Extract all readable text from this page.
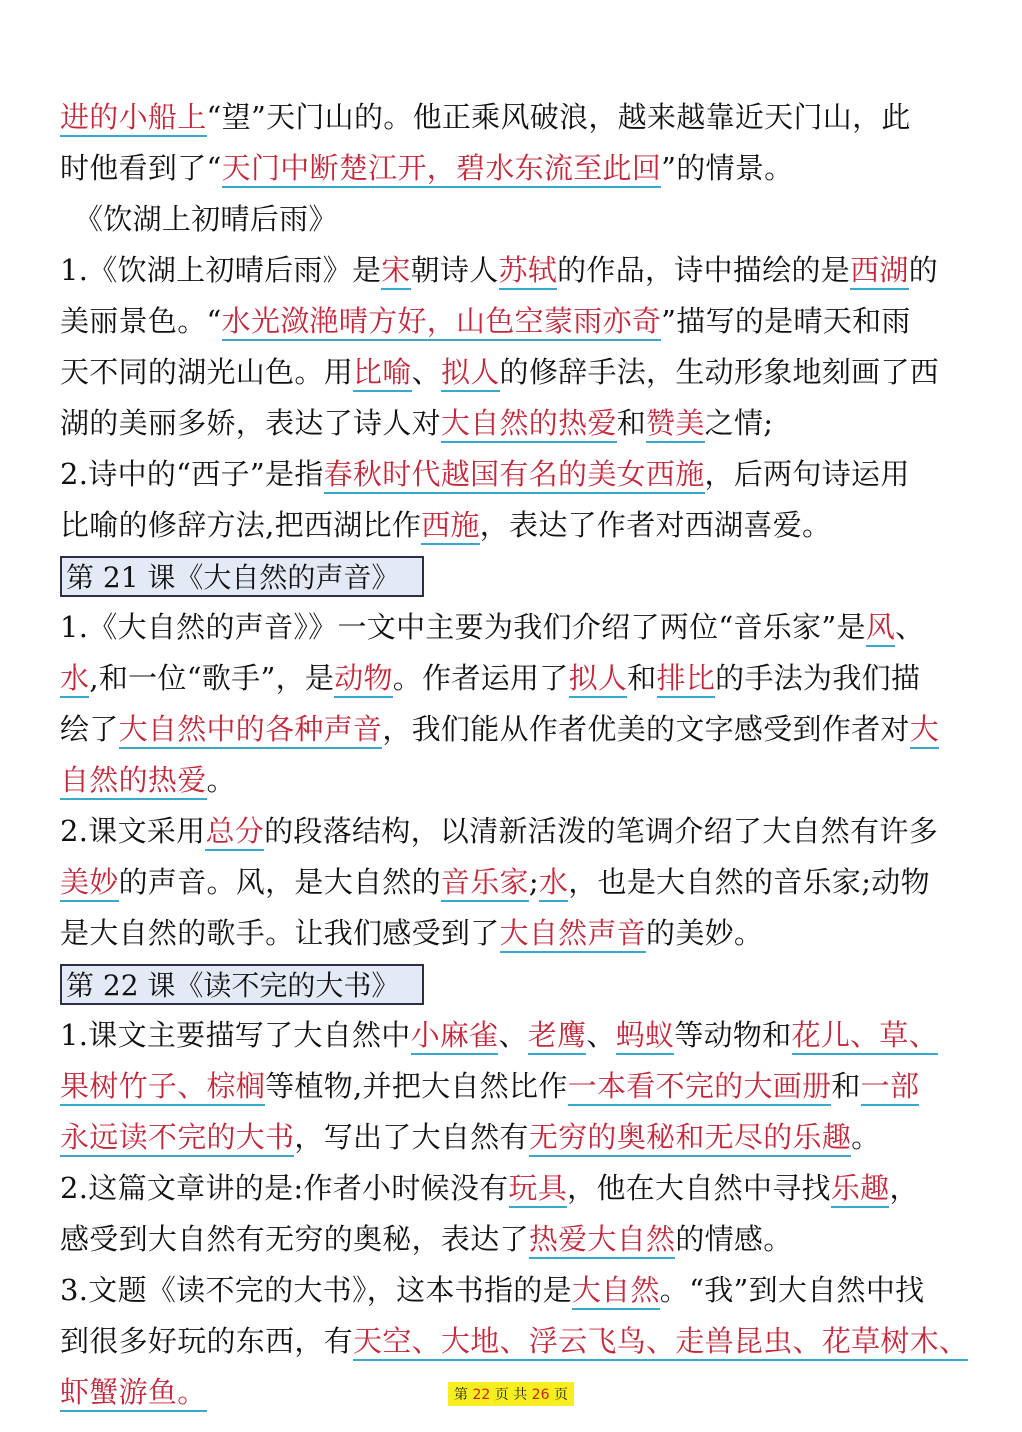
进的小船上“望”天门山的。他正乘风破浪，越来越靠近天门山，此
时他看到了“天门中断楚江开，碧水东流至此回”的情景。
《饮湖上初晴后雨》
1.《饮湖上初晴后雨》是宋朝诗人苏轼的作品，诗中描绘的是西湖的
美丽景色。“水光潋滟晴方好，山色空蒙雨亦奇”描写的是晴天和雨
天不同的湖光山色。用比喻、拟人的修辞手法，生动形象地刻画了西
湖的美丽多娇，表达了诗人对大自然的热爱和赞美之情;
2.诗中的“西子”是指春秋时代越国有名的美女西施，后两句诗运用
比喻的修辞方法,把西湖比作西施，表达了作者对西湖喜爱。
第 21 课《大自然的声音》
1.《大自然的声音》》一文中主要为我们介绍了两位“音乐家”是风、
水,和一位“歌手”，是动物。作者运用了拟人和排比的手法为我们描
绘了大自然中的各种声音，我们能从作者优美的文字感受到作者对大
自然的热爱。
2.课文采用总分的段落结构，以清新活泼的笔调介绍了大自然有许多
美妙的声音。风，是大自然的音乐家;水，也是大自然的音乐家;动物
是大自然的歌手。让我们感受到了大自然声音的美妙。
第 22 课《读不完的大书》
1.课文主要描写了大自然中小麻雀、老鹰、蚂蚁等动物和花儿、草、
果树竹子、棕榈等植物,并把大自然比作一本看不完的大画册和一部
永远读不完的大书，写出了大自然有无穷的奥秘和无尽的乐趣。
2.这篇文章讲的是:作者小时候没有玩具，他在大自然中寻找乐趣，
感受到大自然有无穷的奥秘，表达了热爱大自然的情感。
3.文题《读不完的大书》，这本书指的是大自然。“我”到大自然中找
到很多好玩的东西，有天空、大地、浮云飞鸟、走兽昆虫、花草树木、
虾蟹游鱼。	第 22 页 共 26 页
